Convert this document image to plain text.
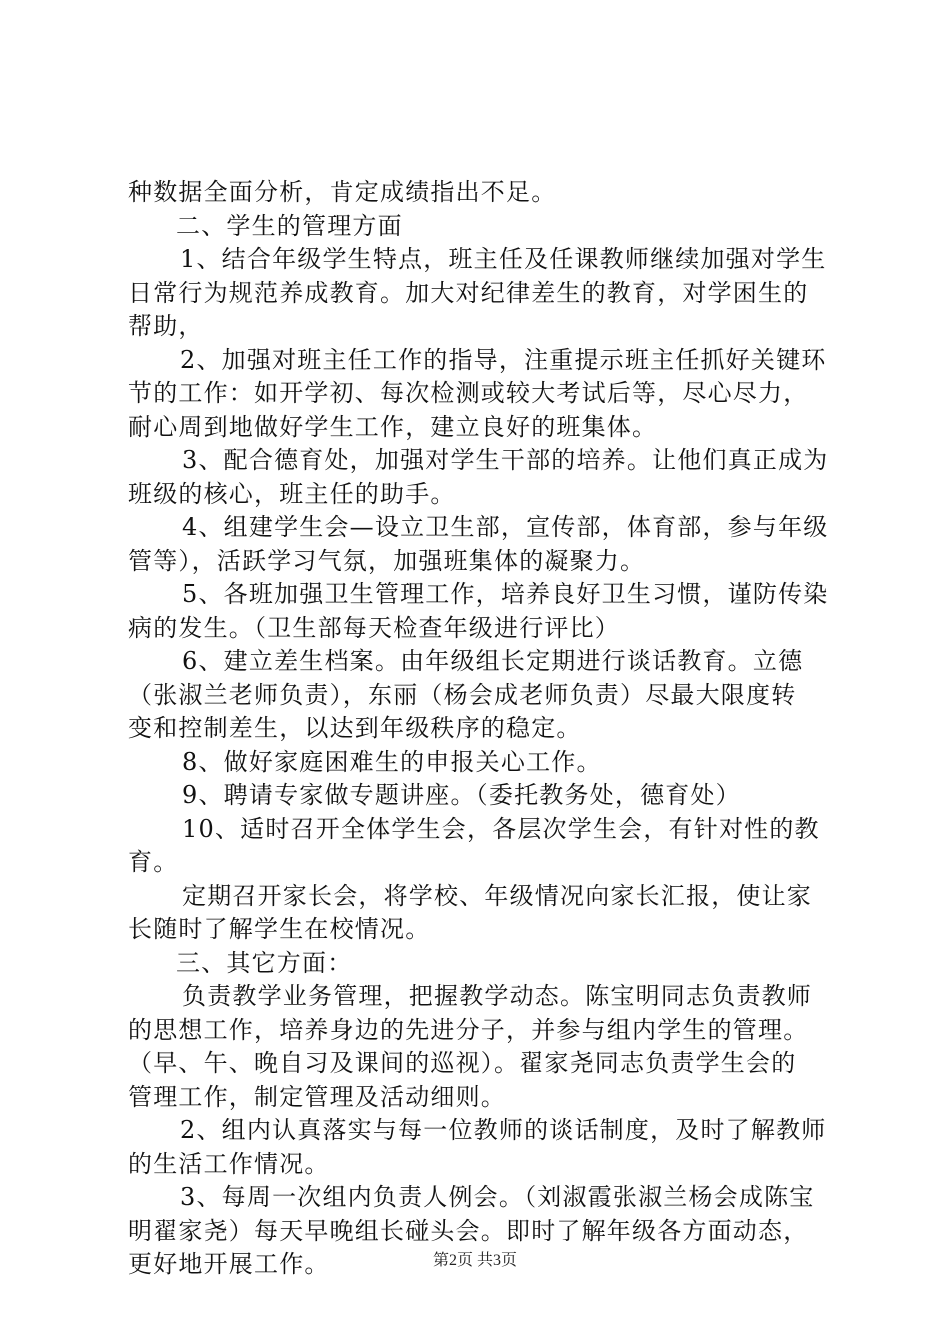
种数据全面分析，肯定成绩指出不足。
二、学生的管理方面
1、结合年级学生特点，班主任及任课教师继续加强对学生
日常行为规范养成教育。加大对纪律差生的教育，对学困生的
帮助，
2、加强对班主任工作的指导，注重提示班主任抓好关键环
节的工作：如开学初、每次检测或较大考试后等，尽心尽力，
耐心周到地做好学生工作，建立良好的班集体。
3、配合德育处，加强对学生干部的培养。让他们真正成为
班级的核心，班主任的助手。
4、组建学生会—设立卫生部，宣传部，体育部，参与年级
管等），活跃学习气氛，加强班集体的凝聚力。
5、各班加强卫生管理工作，培养良好卫生习惯，谨防传染
病的发生。（卫生部每天检查年级进行评比）
6、建立差生档案。由年级组长定期进行谈话教育。立德
（张淑兰老师负责），东丽（杨会成老师负责）尽最大限度转
变和控制差生，以达到年级秩序的稳定。
8、做好家庭困难生的申报关心工作。
9、聘请专家做专题讲座。（委托教务处，德育处）
10、适时召开全体学生会，各层次学生会，有针对性的教
育。
定期召开家长会，将学校、年级情况向家长汇报，使让家
长随时了解学生在校情况。
三、其它方面：
负责教学业务管理，把握教学动态。陈宝明同志负责教师
的思想工作，培养身边的先进分子，并参与组内学生的管理。
（早、午、晚自习及课间的巡视）。翟家尧同志负责学生会的
管理工作，制定管理及活动细则。
2、组内认真落实与每一位教师的谈话制度，及时了解教师
的生活工作情况。
3、每周一次组内负责人例会。（刘淑霞张淑兰杨会成陈宝
明翟家尧）每天早晚组长碰头会。即时了解年级各方面动态，
更好地开展工作。	第2页 共3页
